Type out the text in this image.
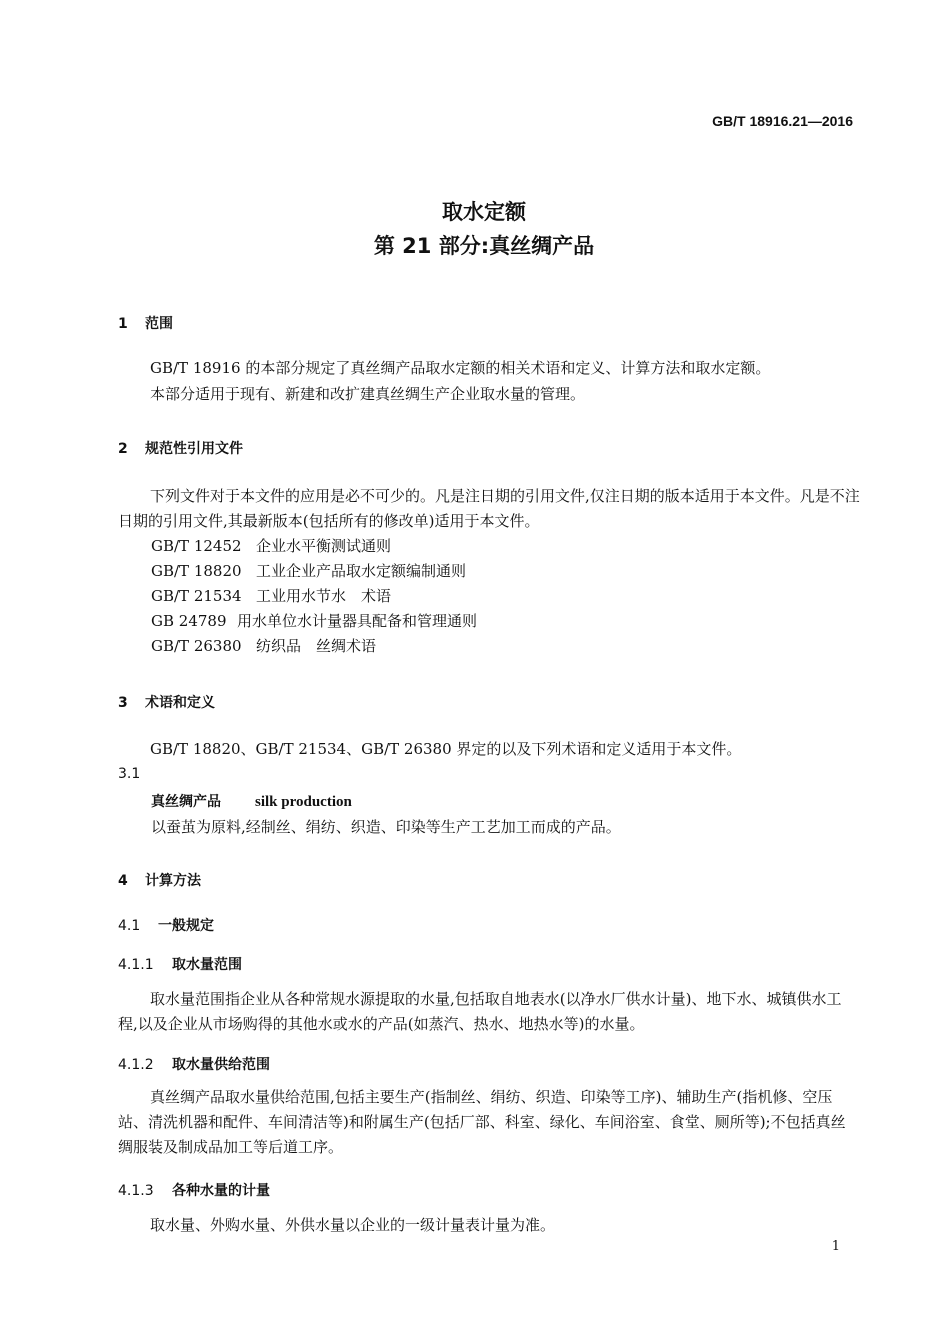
GB/T 18916.21—2016
取水定额
第 21 部分:真丝绸产品
1 范围
GB/T 18916 的本部分规定了真丝绸产品取水定额的相关术语和定义、计算方法和取水定额。
本部分适用于现有、新建和改扩建真丝绸生产企业取水量的管理。
2 规范性引用文件
下列文件对于本文件的应用是必不可少的。凡是注日期的引用文件,仅注日期的版本适用于本文件。凡是不注日期的引用文件,其最新版本(包括所有的修改单)适用于本文件。
GB/T 12452 企业水平衡测试通则
GB/T 18820 工业企业产品取水定额编制通则
GB/T 21534 工业用水节水　术语
GB 24789 用水单位水计量器具配备和管理通则
GB/T 26380 纺织品　丝绸术语
3 术语和定义
GB/T 18820、GB/T 21534、GB/T 26380 界定的以及下列术语和定义适用于本文件。
3.1
真丝绸产品 silk production
以蚕茧为原料,经制丝、绢纺、织造、印染等生产工艺加工而成的产品。
4 计算方法
4.1 一般规定
4.1.1 取水量范围
取水量范围指企业从各种常规水源提取的水量,包括取自地表水(以净水厂供水计量)、地下水、城镇供水工程,以及企业从市场购得的其他水或水的产品(如蒸汽、热水、地热水等)的水量。
4.1.2 取水量供给范围
真丝绸产品取水量供给范围,包括主要生产(指制丝、绢纺、织造、印染等工序)、辅助生产(指机修、空压站、清洗机器和配件、车间清洁等)和附属生产(包括厂部、科室、绿化、车间浴室、食堂、厕所等);不包括真丝绸服装及制成品加工等后道工序。
4.1.3 各种水量的计量
取水量、外购水量、外供水量以企业的一级计量表计量为准。
1
